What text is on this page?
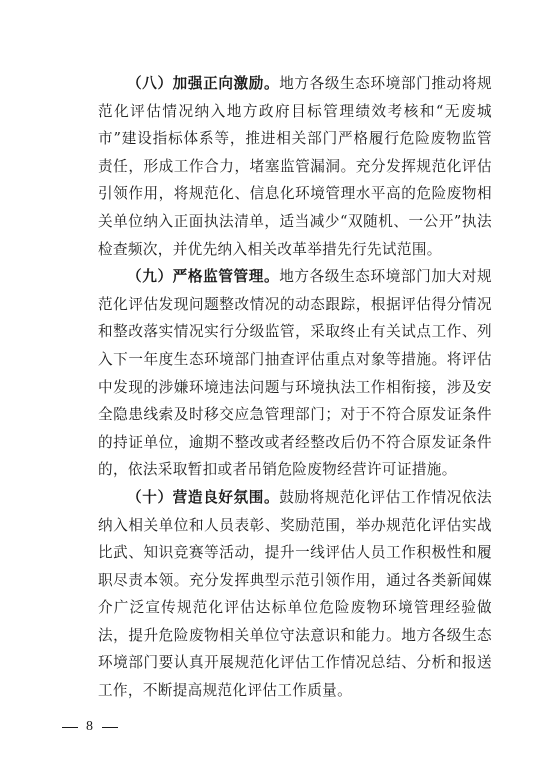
（八）加强正向激励。地方各级生态环境部门推动将规范化评估情况纳入地方政府目标管理绩效考核和“无废城市”建设指标体系等，推进相关部门严格履行危险废物监管责任，形成工作合力，堵塞监管漏洞。充分发挥规范化评估引领作用，将规范化、信息化环境管理水平高的危险废物相关单位纳入正面执法清单，适当减少“双随机、一公开”执法检查频次，并优先纳入相关改革举措先行先试范围。

（九）严格监管管理。地方各级生态环境部门加大对规范化评估发现问题整改情况的动态跟踪，根据评估得分情况和整改落实情况实行分级监管，采取终止有关试点工作、列入下一年度生态环境部门抽查评估重点对象等措施。将评估中发现的涉嫌环境违法问题与环境执法工作相衔接，涉及安全隐患线索及时移交应急管理部门；对于不符合原发证条件的持证单位，逾期不整改或者经整改后仍不符合原发证条件的，依法采取暂扣或者吊销危险废物经营许可证措施。

（十）营造良好氛围。鼓励将规范化评估工作情况依法纳入相关单位和人员表彰、奖励范围，举办规范化评估实战比武、知识竞赛等活动，提升一线评估人员工作积极性和履职尽责本领。充分发挥典型示范引领作用，通过各类新闻媒介广泛宣传规范化评估达标单位危险废物环境管理经验做法，提升危险废物相关单位守法意识和能力。地方各级生态环境部门要认真开展规范化评估工作情况总结、分析和报送工作，不断提高规范化评估工作质量。

8
